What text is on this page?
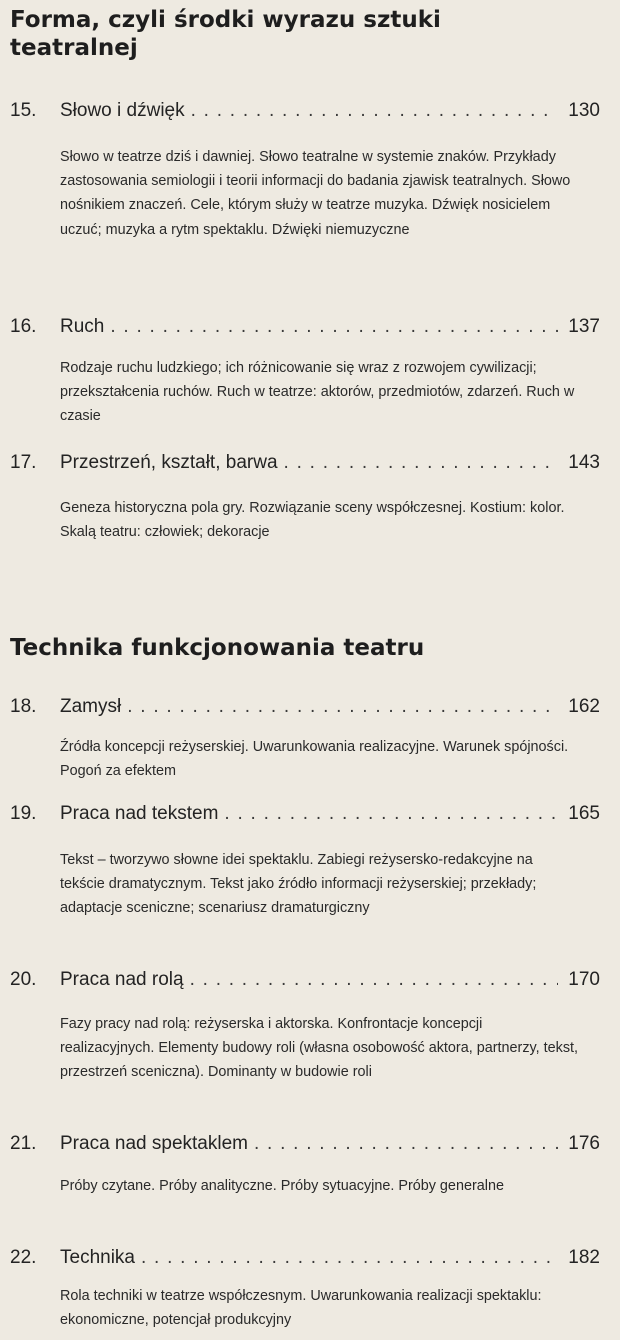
Forma, czyli środki wyrazu sztuki teatralnej
15.	Słowo i dźwięk . . .	130

Słowo w teatrze dziś i dawniej. Słowo teatralne w systemie znaków. Przykłady zastosowania semiologii i teorii informacji do badania zjawisk teatralnych. Słowo nośnikiem znaczeń. Cele, którym służy w teatrze muzyka. Dźwięk nosicielem uczuć; muzyka a rytm spektaklu. Dźwięki niemuzyczne

16.	Ruch . . .	137

Rodzaje ruchu ludzkiego; ich różnicowanie się wraz z rozwojem cywilizacji; przekształcenia ruchów. Ruch w teatrze: aktorów, przedmiotów, zdarzeń. Ruch w czasie

17.	Przestrzeń, kształt, barwa . . .	143

Geneza historyczna pola gry. Rozwiązanie sceny współczesnej. Kostium: kolor. Skalą teatru: człowiek; dekoracje

Technika funkcjonowania teatru
18.	Zamysł . . .	162

Źródła koncepcji reżyserskiej. Uwarunkowania realizacyjne. Warunek spójności. Pogoń za efektem

19.	Praca nad tekstem . . .	165

Tekst – tworzywo słowne idei spektaklu. Zabiegi reżysersko-redakcyjne na tekście dramatycznym. Tekst jako źródło informacji reżyserskiej; przekłady; adaptacje sceniczne; scenariusz dramaturgiczny

20.	Praca nad rolą . . .	170

Fazy pracy nad rolą: reżyserska i aktorska. Konfrontacje koncepcji realizacyjnych. Elementy budowy roli (własna osobowość aktora, partnerzy, tekst, przestrzeń sceniczna). Dominanty w budowie roli

21.	Praca nad spektaklem . . .	176

Próby czytane. Próby analityczne. Próby sytuacyjne. Próby generalne

22.	Technika . . .	182

Rola techniki w teatrze współczesnym. Uwarunkowania realizacji spektaklu: ekonomiczne, potencjał produkcyjny
